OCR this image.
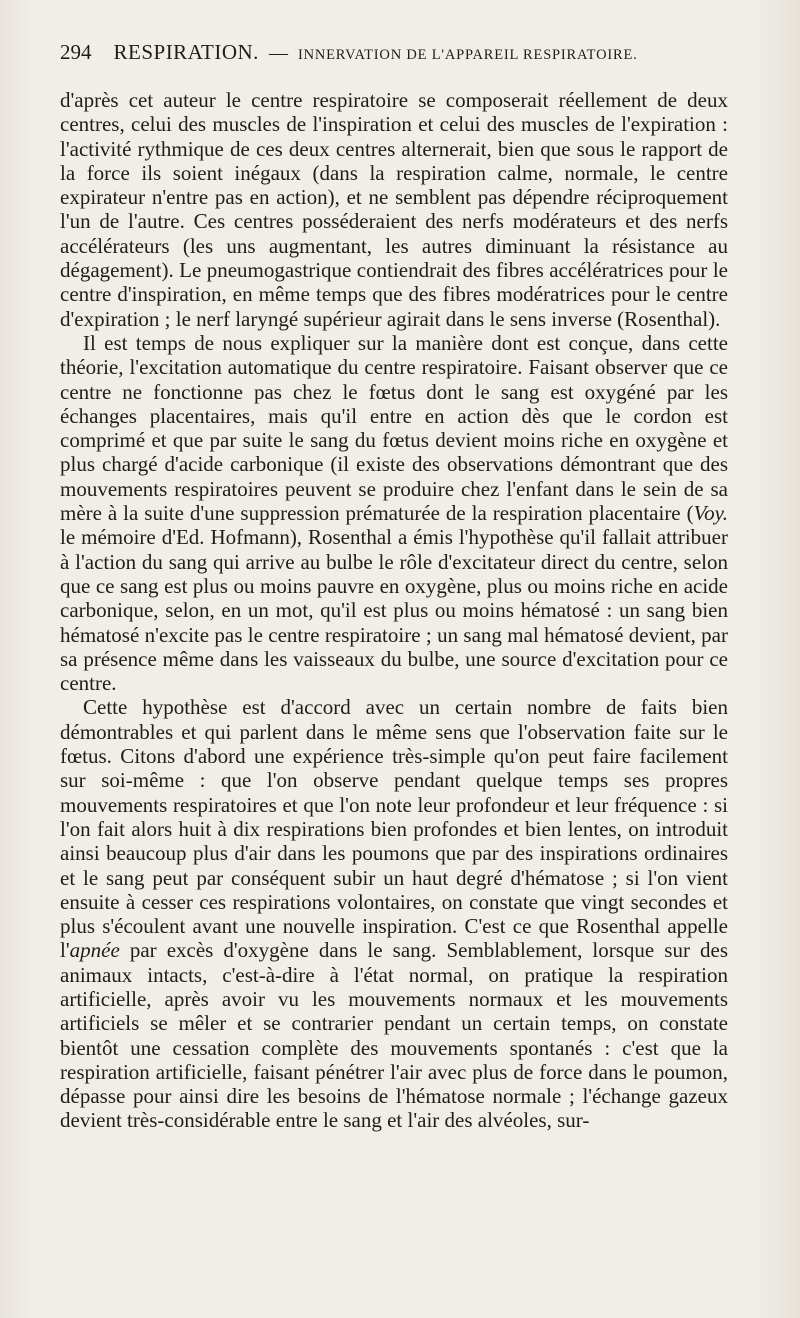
294 RESPIRATION. — INNERVATION DE L'APPAREIL RESPIRATOIRE.

d'après cet auteur le centre respiratoire se composerait réellement de deux centres, celui des muscles de l'inspiration et celui des muscles de l'expiration : l'activité rythmique de ces deux centres alternerait, bien que sous le rapport de la force ils soient inégaux (dans la respiration calme, normale, le centre expirateur n'entre pas en action), et ne semblent pas dépendre réciproquement l'un de l'autre. Ces centres posséderaient des nerfs modérateurs et des nerfs accélérateurs (les uns augmentant, les autres diminuant la résistance au dégagement). Le pneumogastrique contiendrait des fibres accélératrices pour le centre d'inspiration, en même temps que des fibres modératrices pour le centre d'expiration ; le nerf laryngé supérieur agirait dans le sens inverse (Rosenthal).

Il est temps de nous expliquer sur la manière dont est conçue, dans cette théorie, l'excitation automatique du centre respiratoire. Faisant observer que ce centre ne fonctionne pas chez le fœtus dont le sang est oxygéné par les échanges placentaires, mais qu'il entre en action dès que le cordon est comprimé et que par suite le sang du fœtus devient moins riche en oxygène et plus chargé d'acide carbonique (il existe des observations démontrant que des mouvements respiratoires peuvent se produire chez l'enfant dans le sein de sa mère à la suite d'une suppression prématurée de la respiration placentaire (Voy. le mémoire d'Ed. Hofmann), Rosenthal a émis l'hypothèse qu'il fallait attribuer à l'action du sang qui arrive au bulbe le rôle d'excitateur direct du centre, selon que ce sang est plus ou moins pauvre en oxygène, plus ou moins riche en acide carbonique, selon, en un mot, qu'il est plus ou moins hématosé : un sang bien hématosé n'excite pas le centre respiratoire ; un sang mal hématosé devient, par sa présence même dans les vaisseaux du bulbe, une source d'excitation pour ce centre.

Cette hypothèse est d'accord avec un certain nombre de faits bien démontrables et qui parlent dans le même sens que l'observation faite sur le fœtus. Citons d'abord une expérience très-simple qu'on peut faire facilement sur soi-même : que l'on observe pendant quelque temps ses propres mouvements respiratoires et que l'on note leur profondeur et leur fréquence : si l'on fait alors huit à dix respirations bien profondes et bien lentes, on introduit ainsi beaucoup plus d'air dans les poumons que par des inspirations ordinaires et le sang peut par conséquent subir un haut degré d'hématose ; si l'on vient ensuite à cesser ces respirations volontaires, on constate que vingt secondes et plus s'écoulent avant une nouvelle inspiration. C'est ce que Rosenthal appelle l'apnée par excès d'oxygène dans le sang. Semblablement, lorsque sur des animaux intacts, c'est-à-dire à l'état normal, on pratique la respiration artificielle, après avoir vu les mouvements normaux et les mouvements artificiels se mêler et se contrarier pendant un certain temps, on constate bientôt une cessation complète des mouvements spontanés : c'est que la respiration artificielle, faisant pénétrer l'air avec plus de force dans le poumon, dépasse pour ainsi dire les besoins de l'hématose normale ; l'échange gazeux devient très-considérable entre le sang et l'air des alvéoles, sur-
